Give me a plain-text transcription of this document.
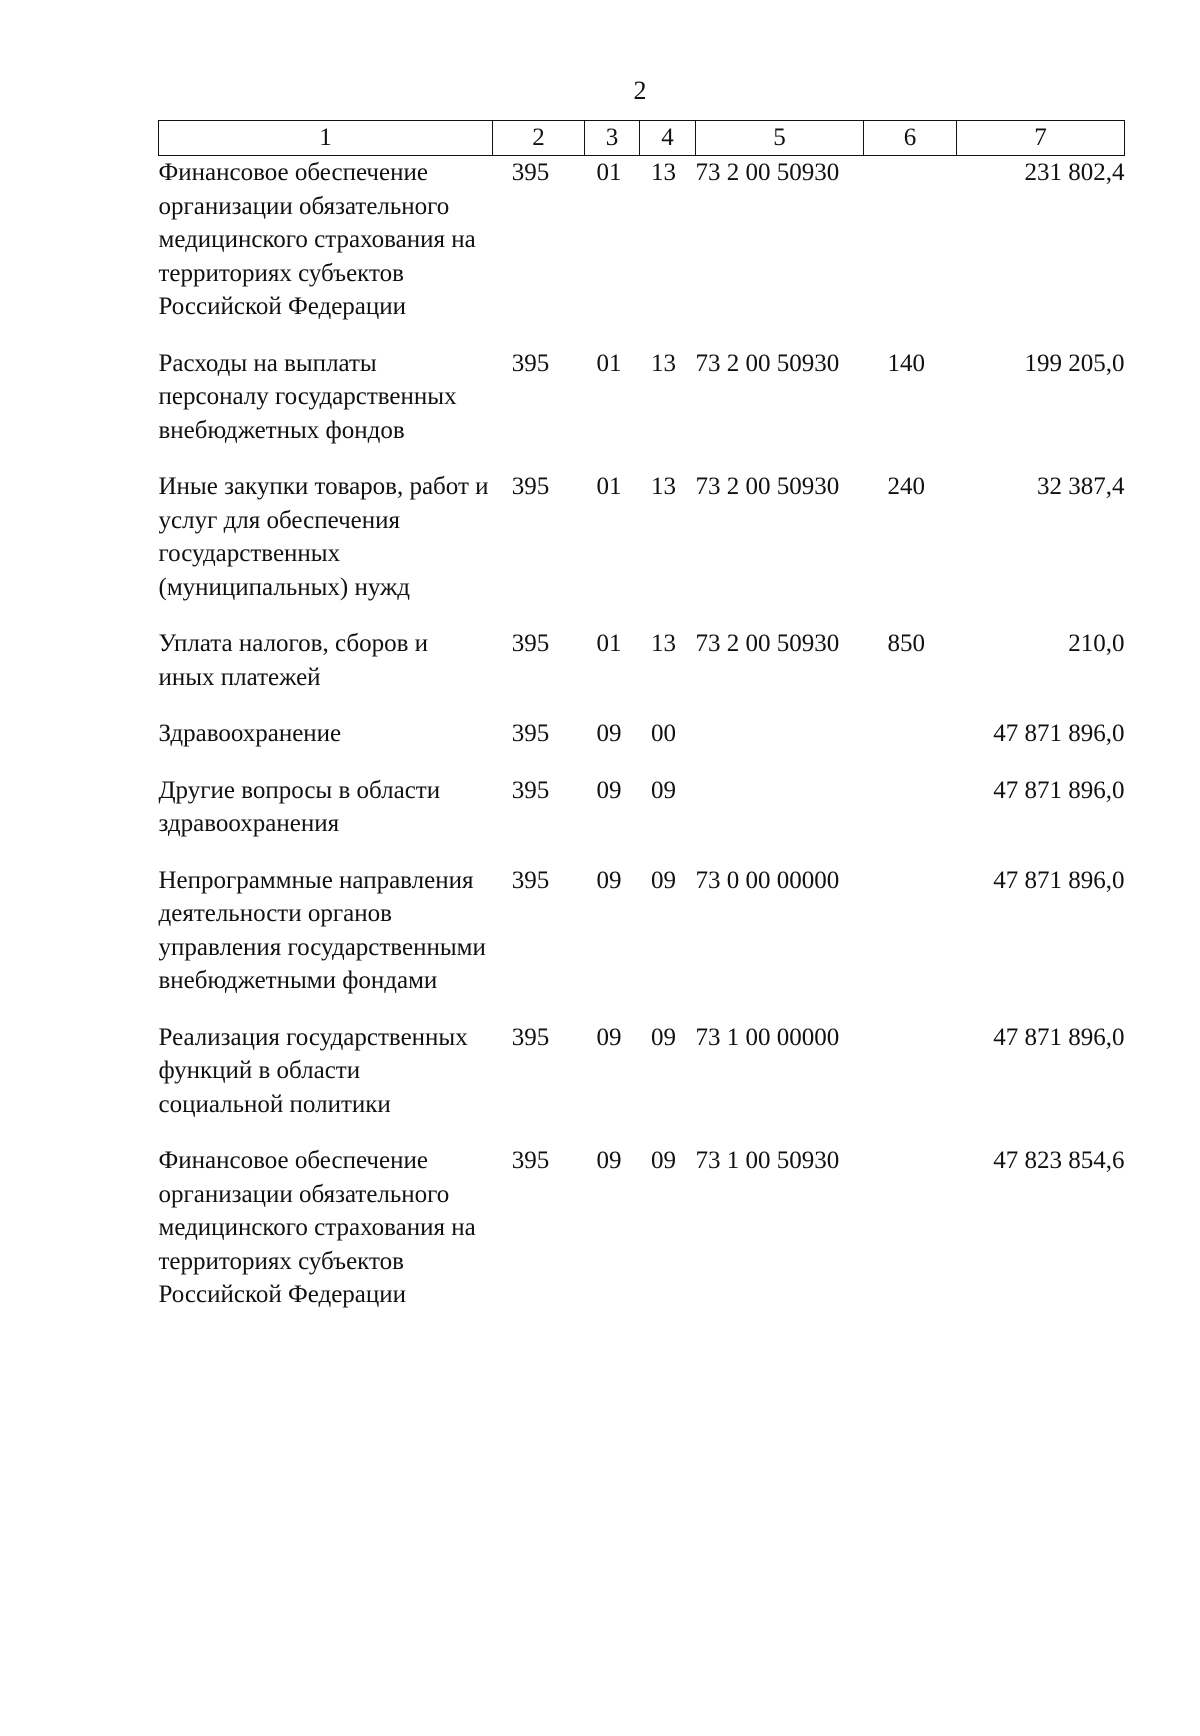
2
1	2	3	4	5	6	7
Финансовое обеспечение организации обязательного медицинского страхования на территориях субъектов Российской Федерации	395	01	13	73 2 00 50930		231 802,4
Расходы на выплаты персоналу государственных внебюджетных фондов	395	01	13	73 2 00 50930	140	199 205,0
Иные закупки товаров, работ и услуг для обеспечения государственных (муниципальных) нужд	395	01	13	73 2 00 50930	240	32 387,4
Уплата налогов, сборов и иных платежей	395	01	13	73 2 00 50930	850	210,0
Здравоохранение	395	09	00			47 871 896,0
Другие вопросы в области здравоохранения	395	09	09			47 871 896,0
Непрограммные направления деятельности органов управления государственными внебюджетными фондами	395	09	09	73 0 00 00000		47 871 896,0
Реализация государственных функций в области социальной политики	395	09	09	73 1 00 00000		47 871 896,0
Финансовое обеспечение организации обязательного медицинского страхования на территориях субъектов Российской Федерации	395	09	09	73 1 00 50930		47 823 854,6
